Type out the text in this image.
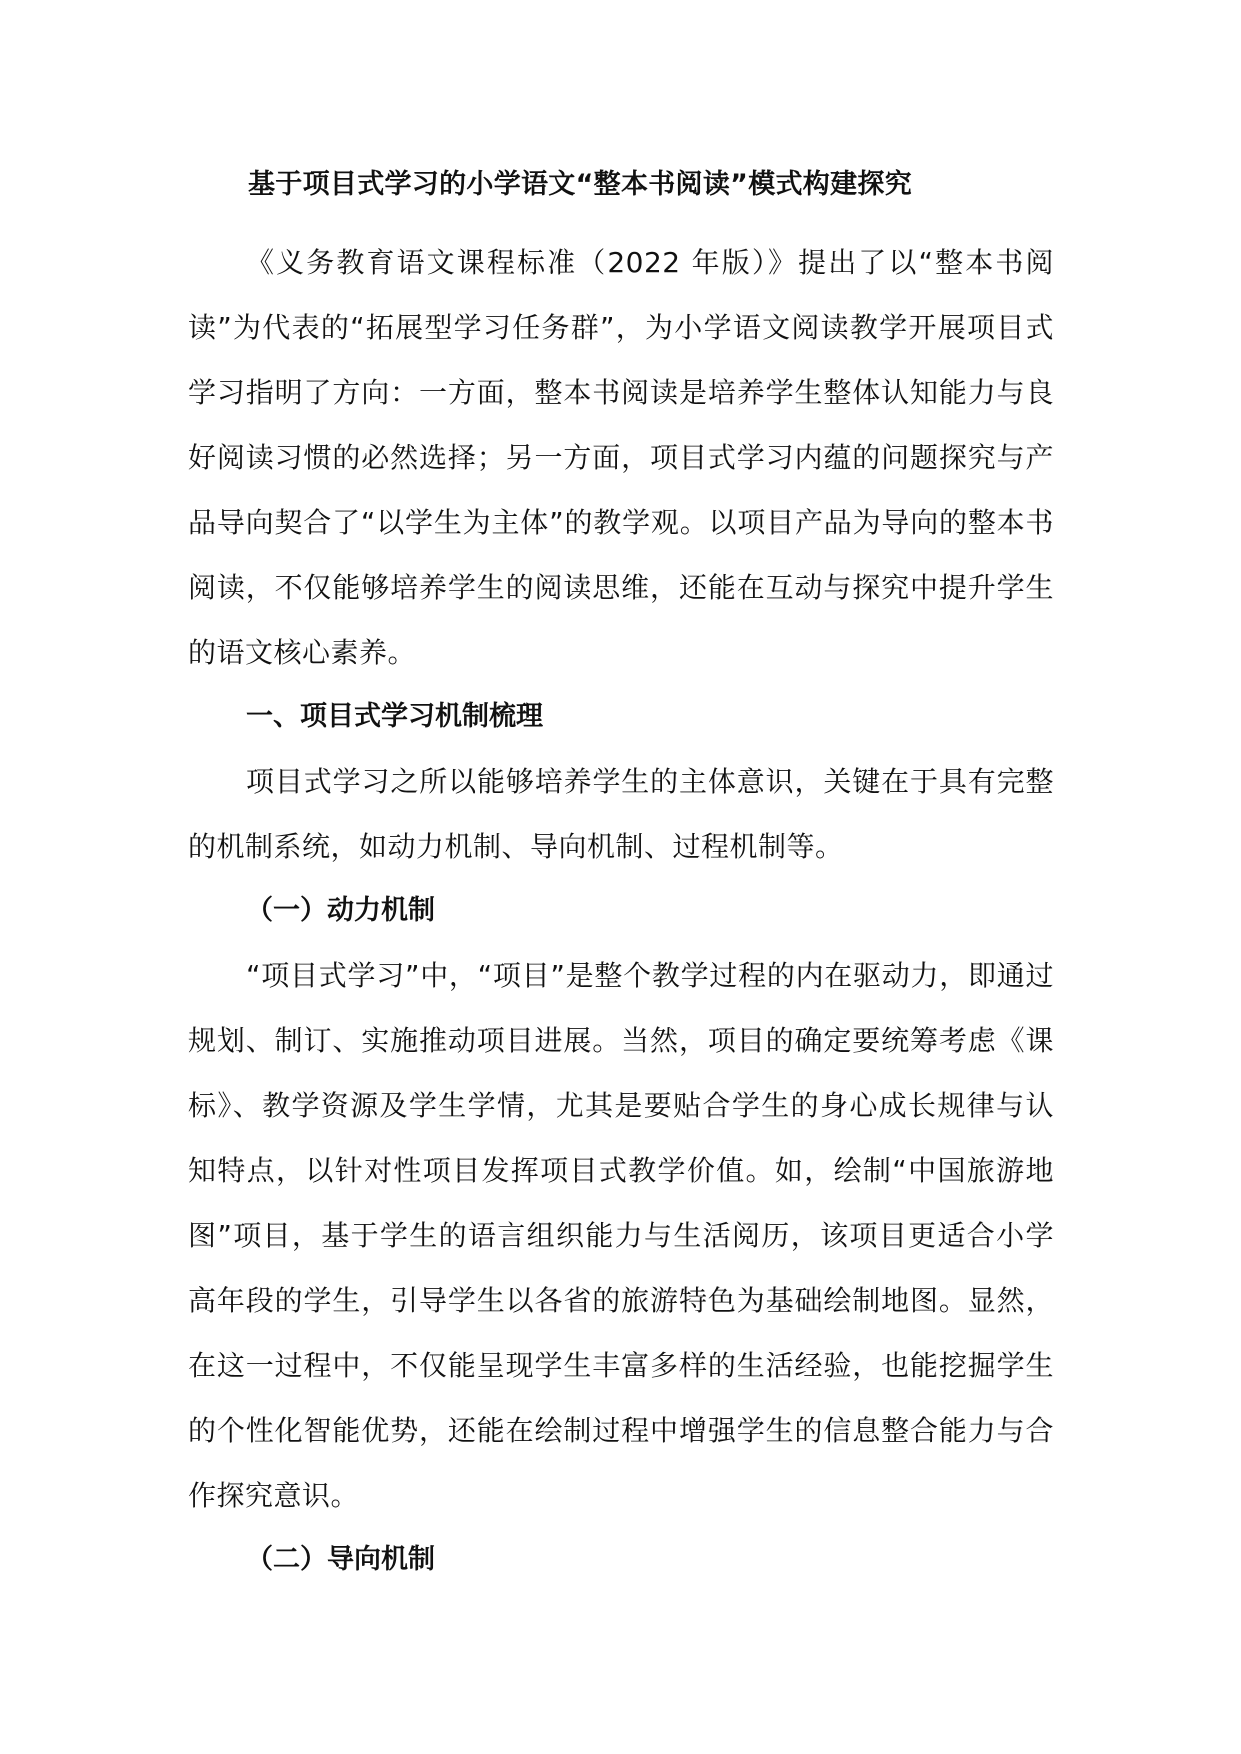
基于项目式学习的小学语文“整本书阅读”模式构建探究

《义务教育语文课程标准（2022 年版）》提出了以“整本书阅读”为代表的“拓展型学习任务群”，为小学语文阅读教学开展项目式学习指明了方向：一方面，整本书阅读是培养学生整体认知能力与良好阅读习惯的必然选择；另一方面，项目式学习内蕴的问题探究与产品导向契合了“以学生为主体”的教学观。以项目产品为导向的整本书阅读，不仅能够培养学生的阅读思维，还能在互动与探究中提升学生的语文核心素养。

一、项目式学习机制梳理

项目式学习之所以能够培养学生的主体意识，关键在于具有完整的机制系统，如动力机制、导向机制、过程机制等。

（一）动力机制

“项目式学习”中，“项目”是整个教学过程的内在驱动力，即通过规划、制订、实施推动项目进展。当然，项目的确定要统筹考虑《课标》、教学资源及学生学情，尤其是要贴合学生的身心成长规律与认知特点，以针对性项目发挥项目式教学价值。如，绘制“中国旅游地图”项目，基于学生的语言组织能力与生活阅历，该项目更适合小学高年段的学生，引导学生以各省的旅游特色为基础绘制地图。显然，在这一过程中，不仅能呈现学生丰富多样的生活经验，也能挖掘学生的个性化智能优势，还能在绘制过程中增强学生的信息整合能力与合作探究意识。

（二）导向机制
